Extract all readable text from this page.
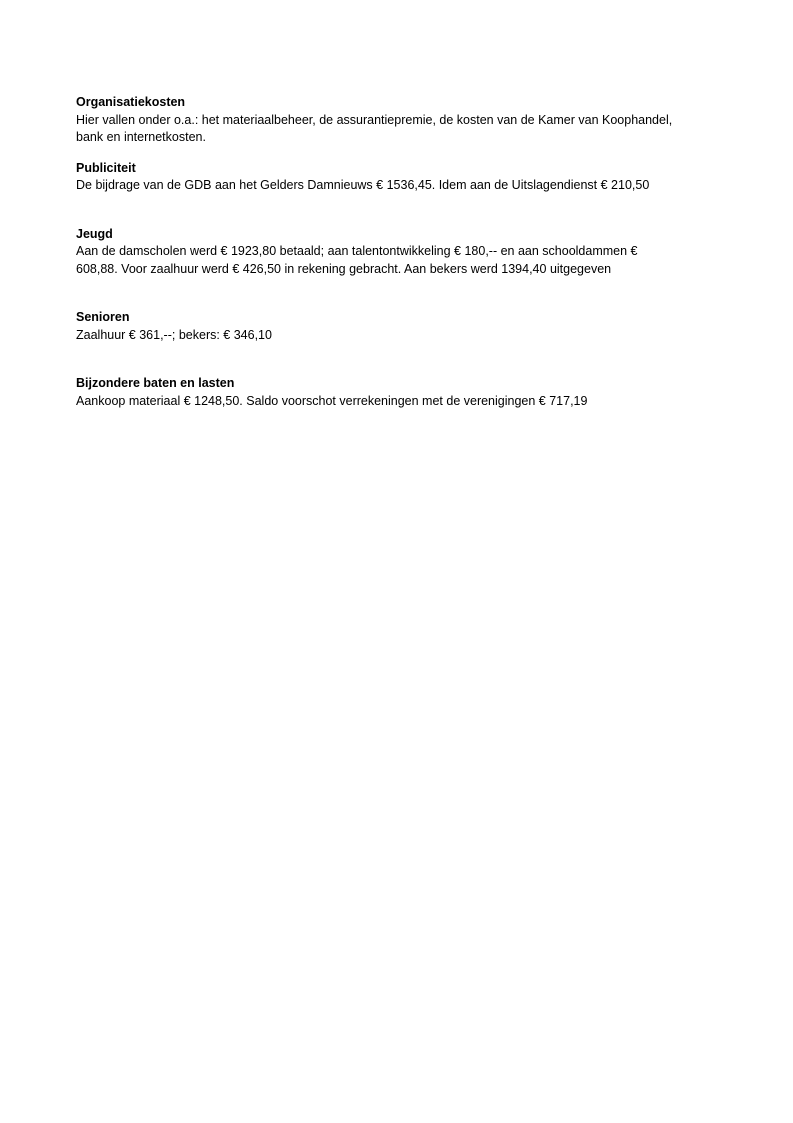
Organisatiekosten

Hier vallen onder o.a.: het materiaalbeheer, de assurantiepremie, de kosten van de Kamer van Koophandel,

bank en internetkosten.

Publiciteit

De bijdrage van de GDB aan het Gelders Damnieuws € 1536,45. Idem aan de Uitslagendienst € 210,50

Jeugd

Aan de damscholen werd € 1923,80 betaald; aan talentontwikkeling € 180,-- en aan schooldammen €

608,88. Voor zaalhuur werd € 426,50 in rekening gebracht. Aan bekers werd 1394,40 uitgegeven

Senioren

Zaalhuur € 361,--; bekers: € 346,10

Bijzondere baten en lasten

Aankoop materiaal € 1248,50. Saldo voorschot verrekeningen met de verenigingen € 717,19
